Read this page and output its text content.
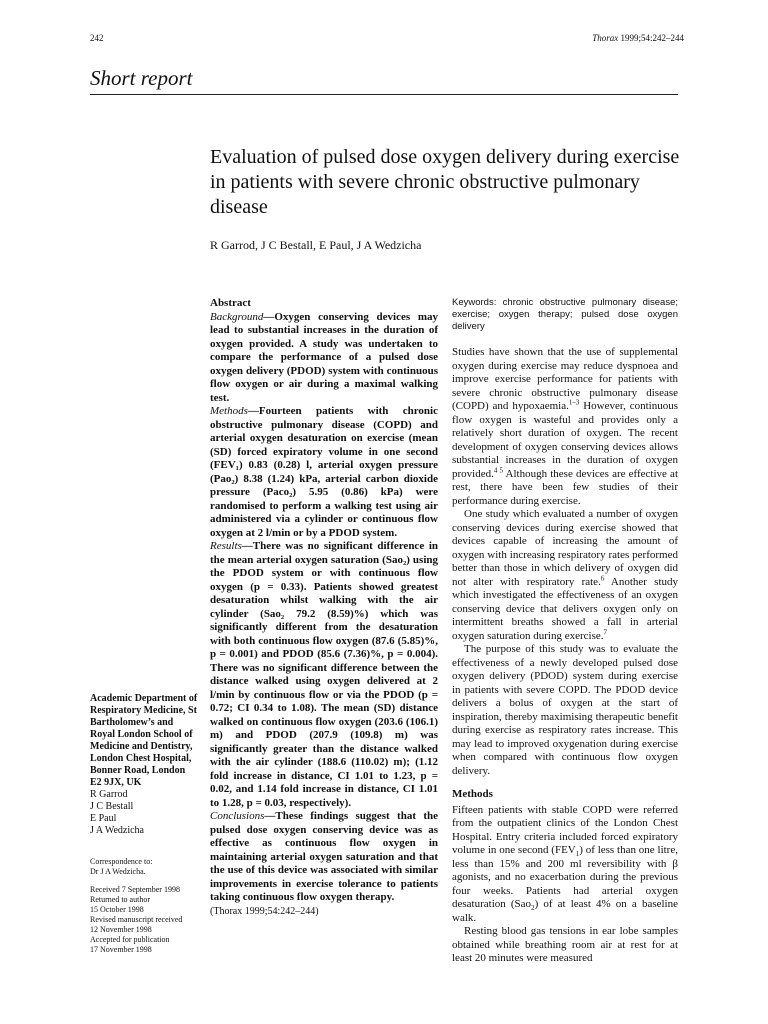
242	Thorax 1999;54:242–244
Short report
Evaluation of pulsed dose oxygen delivery during exercise in patients with severe chronic obstructive pulmonary disease
R Garrod, J C Bestall, E Paul, J A Wedzicha
Abstract

Background—Oxygen conserving devices may lead to substantial increases in the duration of oxygen provided. A study was undertaken to compare the performance of a pulsed dose oxygen delivery (PDOD) system with continuous flow oxygen or air during a maximal walking test.

Methods—Fourteen patients with chronic obstructive pulmonary disease (COPD) and arterial oxygen desaturation on exercise (mean (SD) forced expiratory volume in one second (FEV₁) 0.83 (0.28) l, arterial oxygen pressure (Paᴏ₂) 8.38 (1.24) kPa, arterial carbon dioxide pressure (Pacᴏ₂) 5.95 (0.86) kPa) were randomised to perform a walking test using air administered via a cylinder or continuous flow oxygen at 2 l/min or by a PDOD system.

Results—There was no significant difference in the mean arterial oxygen saturation (Saᴏ₂) using the PDOD system or with continuous flow oxygen (p = 0.33). Patients showed greatest desaturation whilst walking with the air cylinder (Saᴏ₂ 79.2 (8.59)%) which was significantly different from the desaturation with both continuous flow oxygen (87.6 (5.85)%, p = 0.001) and PDOD (85.6 (7.36)%, p = 0.004). There was no significant difference between the distance walked using oxygen delivered at 2 l/min by continuous flow or via the PDOD (p = 0.72; CI 0.34 to 1.08). The mean (SD) distance walked on continuous flow oxygen (203.6 (106.1) m) and PDOD (207.9 (109.8) m) was significantly greater than the distance walked with the air cylinder (188.6 (110.02) m); (1.12 fold increase in distance, CI 1.01 to 1.23, p = 0.02, and 1.14 fold increase in distance, CI 1.01 to 1.28, p = 0.03, respectively).

Conclusions—These findings suggest that the pulsed dose oxygen conserving device was as effective as continuous flow oxygen in maintaining arterial oxygen saturation and that the use of this device was associated with similar improvements in exercise tolerance to patients taking continuous flow oxygen therapy.

(Thorax 1999;54:242–244)
Academic Department of Respiratory Medicine, St Bartholomew’s and Royal London School of Medicine and Dentistry, London Chest Hospital, Bonner Road, London E2 9JX, UK
R Garrod
J C Bestall
E Paul
J A Wedzicha
Correspondence to:
Dr J A Wedzicha.
Received 7 September 1998
Returned to author
15 October 1998
Revised manuscript received
12 November 1998
Accepted for publication
17 November 1998
Keywords: chronic obstructive pulmonary disease; exercise; oxygen therapy; pulsed dose oxygen delivery

Studies have shown that the use of supplemental oxygen during exercise may reduce dyspnoea and improve exercise performance for patients with severe chronic obstructive pulmonary disease (COPD) and hypoxaemia.$^{1-3}$ However, continuous flow oxygen is wasteful and provides only a relatively short duration of oxygen. The recent development of oxygen conserving devices allows substantial increases in the duration of oxygen provided.$^{4 5}$ Although these devices are effective at rest, there have been few studies of their performance during exercise.

One study which evaluated a number of oxygen conserving devices during exercise showed that devices capable of increasing the amount of oxygen with increasing respiratory rates performed better than those in which delivery of oxygen did not alter with respiratory rate.$^6$ Another study which investigated the effectiveness of an oxygen conserving device that delivers oxygen only on intermittent breaths showed a fall in arterial oxygen saturation during exercise.$^7$

The purpose of this study was to evaluate the effectiveness of a newly developed pulsed dose oxygen delivery (PDOD) system during exercise in patients with severe COPD. The PDOD device delivers a bolus of oxygen at the start of inspiration, thereby maximising therapeutic benefit during exercise as respiratory rates increase. This may lead to improved oxygenation during exercise when compared with continuous flow oxygen delivery.

Methods

Fifteen patients with stable COPD were referred from the outpatient clinics of the London Chest Hospital. Entry criteria included forced expiratory volume in one second $(FEV_1)$ of less than one litre, less than 15% and 200 ml reversibility with β agonists, and no exacerbation during the previous four weeks. Patients had arterial oxygen desaturation (Sao$_2$) of at least 4% on a baseline walk.

Resting blood gas tensions in ear lobe samples obtained while breathing room air at rest for at least 20 minutes were measured
